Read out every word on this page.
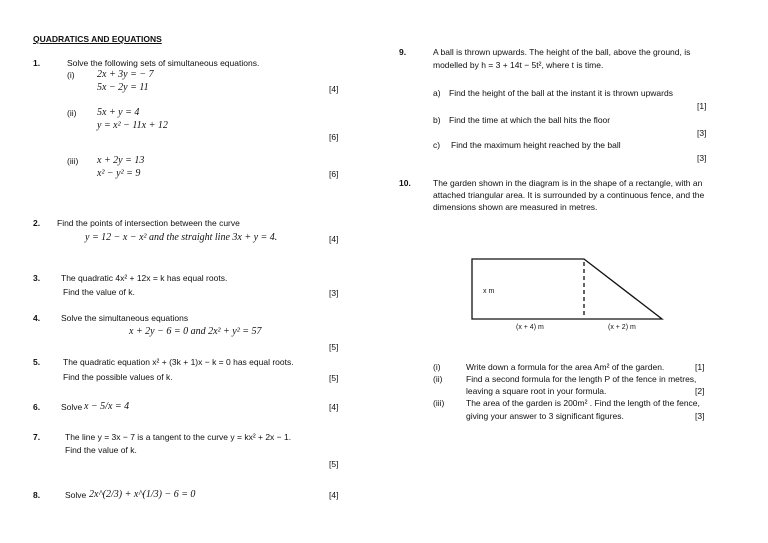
QUADRATICS AND EQUATIONS
1.	Solve the following sets of simultaneous equations.
(i) 2x + 3y = − 7
5x − 2y = 11	[4]
(ii) 5x + y = 4
y = x² − 11x + 12
[6]
(iii) x + 2y = 13
x² − y² = 9	[6]
2. Find the points of intersection between the curve
y = 12 − x − x² and the straight line 3x + y = 4.	[4]
3. The quadratic 4x² + 12x = k has equal roots.
Find the value of k.	[3]
4. Solve the simultaneous equations
x + 2y − 6 = 0 and 2x² + y² = 57
[5]
5.	The quadratic equation x² + (3k + 1)x − k = 0 has equal roots.
Find the possible values of k.	[5]
6. Solve x − 5/x = 4	[4]
7.	The line y = 3x − 7 is a tangent to the curve y = kx² + 2x − 1.
Find the value of k.
[5]
8.	Solve 2x^(2/3) + x^(1/3) − 6 = 0	[4]
9.	A ball is thrown upwards. The height of the ball, above the ground, is
modelled by h = 3 + 14t − 5t², where t is time.
a) Find the height of the ball at the instant it is thrown upwards
[1]
b) Find the time at which the ball hits the floor
[3]
c) Find the maximum height reached by the ball
[3]
10.	The garden shown in the diagram is in the shape of a rectangle, with an
attached triangular area. It is surrounded by a continuous fence, and the
dimensions shown are measured in metres.
x m
(x + 4) m	(x + 2) m
(i)	Write down a formula for the area Am² of the garden.	[1]
(ii)	Find a second formula for the length P of the fence in metres,
leaving a square root in your formula.	[2]
(iii)	The area of the garden is 200m² . Find the length of the fence,
giving your answer to 3 significant figures.	[3]
